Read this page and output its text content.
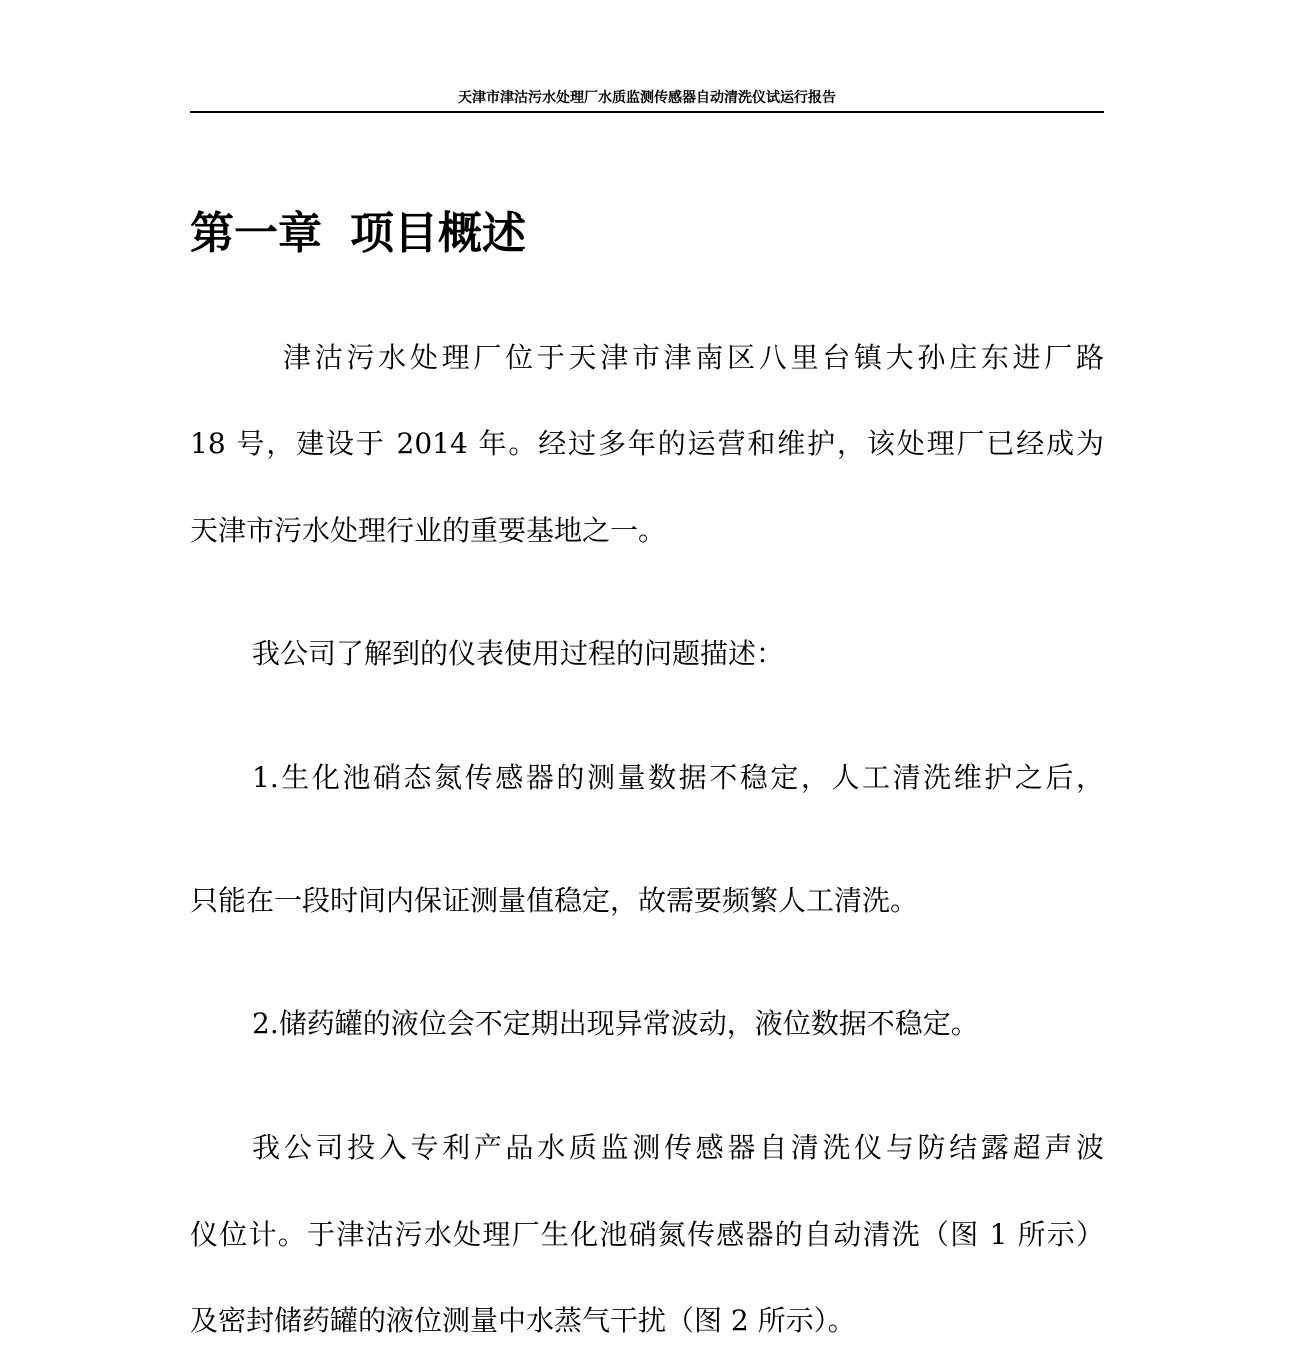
天津市津沽污水处理厂水质监测传感器自动清洗仪试运行报告
第一章 项目概述
津沽污水处理厂位于天津市津南区八里台镇大孙庄东进厂路
18 号，建设于 2014 年。经过多年的运营和维护，该处理厂已经成为
天津市污水处理行业的重要基地之一。
我公司了解到的仪表使用过程的问题描述：
1.生化池硝态氮传感器的测量数据不稳定，人工清洗维护之后，
只能在一段时间内保证测量值稳定，故需要频繁人工清洗。
2.储药罐的液位会不定期出现异常波动，液位数据不稳定。
我公司投入专利产品水质监测传感器自清洗仪与防结露超声波
仪位计。于津沽污水处理厂生化池硝氮传感器的自动清洗（图 1 所示）
及密封储药罐的液位测量中水蒸气干扰（图 2 所示）。
